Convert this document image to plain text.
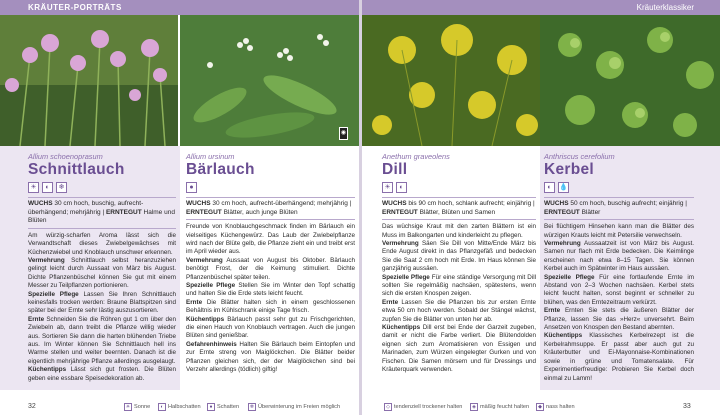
KRÄUTER-PORTRÄTS	Kräuterklassiker
◉
Allium schoenoprasum
Schnittlauch
☀	◐	❄
WUCHS 30 cm hoch, buschig, aufrecht-überhängend; mehrjährig | ERNTEGUT Halme und Blüten
Am würzig-scharfen Aroma lässt sich die Verwandtschaft dieses Zwiebelgewächses mit Küchenzwiebel und Knoblauch unschwer erkennen.
Vermehrung Schnittlauch selbst heranzuziehen gelingt leicht durch Aussaat von März bis August. Dichte Pflanzenbüschel können Sie gut mit einem Messer zu Teilpflanzen portionieren.
Spezielle Pflege Lassen Sie Ihren Schnittlauch keinesfalls trocken werden: Braune Blattspitzen sind später bei der Ernte sehr lästig auszusortieren.
Ernte Schneiden Sie die Röhren gut 1 cm über den Zwiebeln ab, dann treibt die Pflanze willig wieder aus. Sortieren Sie dann die harten blühenden Triebe aus. Im Winter können Sie Schnittlauch hell ins Warme stellen und weiter beernten. Danach ist die eigentlich mehrjährige Pflanze allerdings ausgelaugt.
Küchentipps Lässt sich gut frosten. Die Blüten geben eine essbare Speisedekoration ab.
Allium ursinum
Bärlauch
●
WUCHS 30 cm hoch, aufrecht-überhängend; mehrjährig | ERNTEGUT Blätter, auch junge Blüten
Freunde von Knoblauchgeschmack finden im Bärlauch ein vielseitiges Küchengewürz. Das Laub der Zwiebelpflanze wird nach der Blüte gelb, die Pflanze zieht ein und treibt erst im April wieder aus.
Vermehrung Aussaat von August bis Oktober. Bärlauch benötigt Frost, der die Keimung stimuliert. Dichte Pflanzenbüschel später teilen.
Spezielle Pflege Stellen Sie im Winter den Topf schattig und halten Sie die Erde stets leicht feucht.
Ernte Die Blätter halten sich in einem geschlossenen Behältnis im Kühlschrank einige Tage frisch.
Küchentipps Bärlauch passt sehr gut zu Frischgerichten, die einen Hauch von Knoblauch vertragen. Auch die jungen Blüten sind genießbar.
Gefahrenhinweis Halten Sie Bärlauch beim Eintopfen und zur Ernte streng von Maiglöckchen. Die Blätter beider Pflanzen gleichen sich, der der Maiglöckchen sind bei Verzehr allerdings (tödlich) giftig!
Anethum graveolens
Dill
☀	◐
WUCHS bis 90 cm hoch, schlank aufrecht; einjährig | ERNTEGUT Blätter, Blüten und Samen
Das wüchsige Kraut mit den zarten Blättern ist ein Muss im Balkongarten und kinderleicht zu pflegen.
Vermehrung Säen Sie Dill von Mitte/Ende März bis Ende August direkt in das Pflanzgefäß und bedecken Sie die Saat 2 cm hoch mit Erde. Im Haus können Sie ganzjährig aussäen.
Spezielle Pflege Für eine ständige Versorgung mit Dill sollten Sie regelmäßig nachsäen, spätestens, wenn sich die ersten Knospen zeigen.
Ernte Lassen Sie die Pflanzen bis zur ersten Ernte etwa 50 cm hoch werden. Sobald der Stängel wächst, zupfen Sie die Blätter von unten her ab.
Küchentipps Dill erst bei Ende der Garzeit zugeben, damit er nicht die Farbe verliert. Die Blütendolden eignen sich zum Aromatisieren von Essigen und Marinaden, zum Würzen eingelegter Gurken und von Fischen. Die Samen mörsern und für Dressings und Kräuterquark verwenden.
Anthriscus cerefolium
Kerbel
◐	💧
WUCHS 50 cm hoch, buschig aufrecht; einjährig | ERNTEGUT Blätter
Bei flüchtigem Hinsehen kann man die Blätter des würzigen Krauts leicht mit Petersilie verwechseln.
Vermehrung Aussaatzeit ist von März bis August. Samen nur flach mit Erde bedecken. Die Keimlinge erscheinen nach etwa 8–15 Tagen. Sie können Kerbel auch im Spätwinter im Haus aussäen.
Spezielle Pflege Für eine fortlaufende Ernte im Abstand von 2–3 Wochen nachsäen. Kerbel stets leicht feucht halten, sonst beginnt er schneller zu blühen, was den Erntezeitraum verkürzt.
Ernte Ernten Sie stets die äußeren Blätter der Pflanze, lassen Sie das »Herz« unversehrt. Beim Ansetzen von Knospen den Bestand abernten.
Küchentipps Klassisches Kerbelrezept ist die Kerbelrahmsuppe. Er passt aber auch gut zu Kräuterbutter und Ei-Mayonnaise-Kombinationen sowie in grüne und Tomatensalate. Für Experimentierfreudige: Probieren Sie Kerbel doch einmal zu Lamm!
32	☀ Sonne	◐ Halbschatten	● Schatten	❄ Überwinterung im Freien möglich	◇ tendenziell trockener halten	◈ mäßig feucht halten	◆ nass halten	33
